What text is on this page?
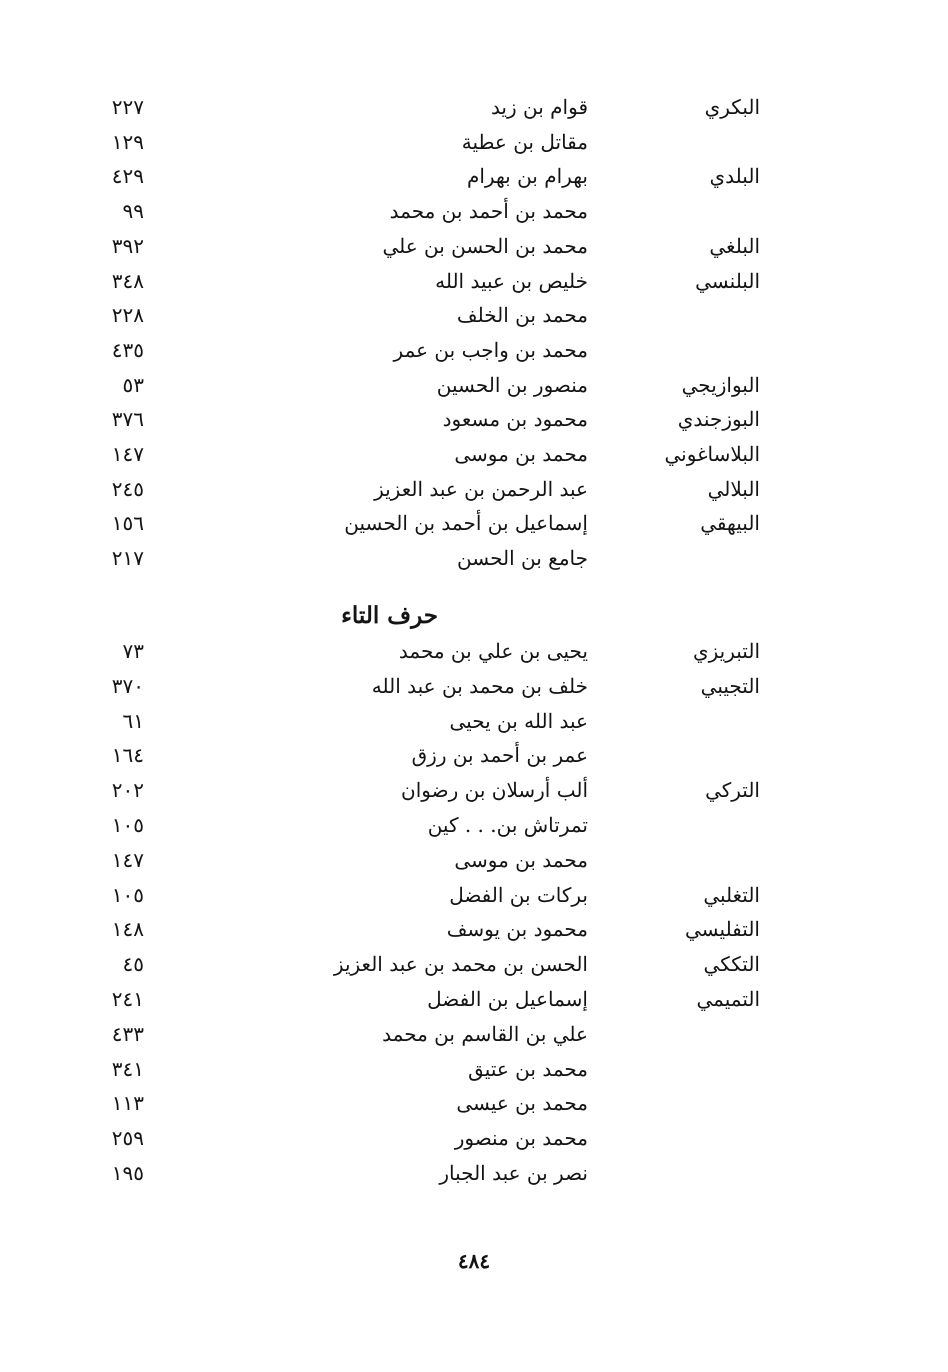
البكري
قوام بن زيد
٢٢٧
مقاتل بن عطية
١٢٩
البلدي
بهرام بن بهرام
٤٢٩
محمد بن أحمد بن محمد
٩٩
البلغي
محمد بن الحسن بن علي
٣٩٢
البلنسي
خليص بن عبيد الله
٣٤٨
محمد بن الخلف
٢٢٨
محمد بن واجب بن عمر
٤٣٥
البوازيجي
منصور بن الحسين
٥٣
البوزجندي
محمود بن مسعود
٣٧٦
البلاساغوني
محمد بن موسى
١٤٧
البلالي
عبد الرحمن بن عبد العزيز
٢٤٥
البيهقي
إسماعيل بن أحمد بن الحسين
١٥٦
جامع بن الحسن
٢١٧
حرف التاء
التبريزي
يحيى بن علي بن محمد
٧٣
التجيبي
خلف بن محمد بن عبد الله
٣٧٠
عبد الله بن يحيى
٦١
عمر بن أحمد بن رزق
١٦٤
التركي
ألب أرسلان بن رضوان
٢٠٢
تمرتاش بن. . . كين
١٠٥
محمد بن موسى
١٤٧
التغلبي
بركات بن الفضل
١٠٥
التفليسي
محمود بن يوسف
١٤٨
التككي
الحسن بن محمد بن عبد العزيز
٤٥
التميمي
إسماعيل بن الفضل
٢٤١
علي بن القاسم بن محمد
٤٣٣
محمد بن عتيق
٣٤١
محمد بن عيسى
١١٣
محمد بن منصور
٢٥٩
نصر بن عبد الجبار
١٩٥
٤٨٤
